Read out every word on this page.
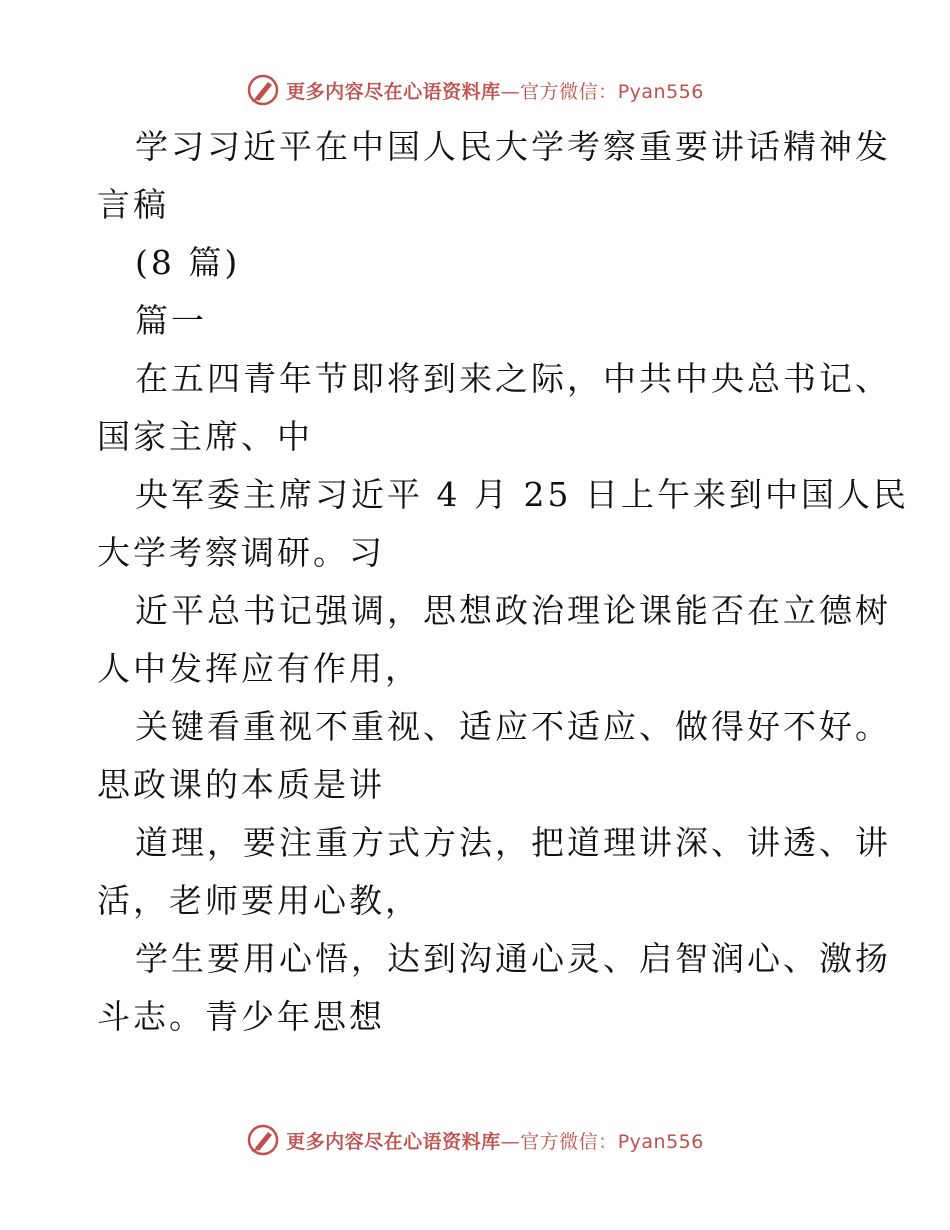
更多内容尽在心语资料库—官方微信：Pyan556
学习习近平在中国人民大学考察重要讲话精神发
言稿
(8 篇)
篇一
在五四青年节即将到来之际，中共中央总书记、
国家主席、中
央军委主席习近平 4 月 25 日上午来到中国人民
大学考察调研。习
近平总书记强调，思想政治理论课能否在立德树
人中发挥应有作用，
关键看重视不重视、适应不适应、做得好不好。
思政课的本质是讲
道理，要注重方式方法，把道理讲深、讲透、讲
活，老师要用心教，
学生要用心悟，达到沟通心灵、启智润心、激扬
斗志。青少年思想
更多内容尽在心语资料库—官方微信：Pyan556
